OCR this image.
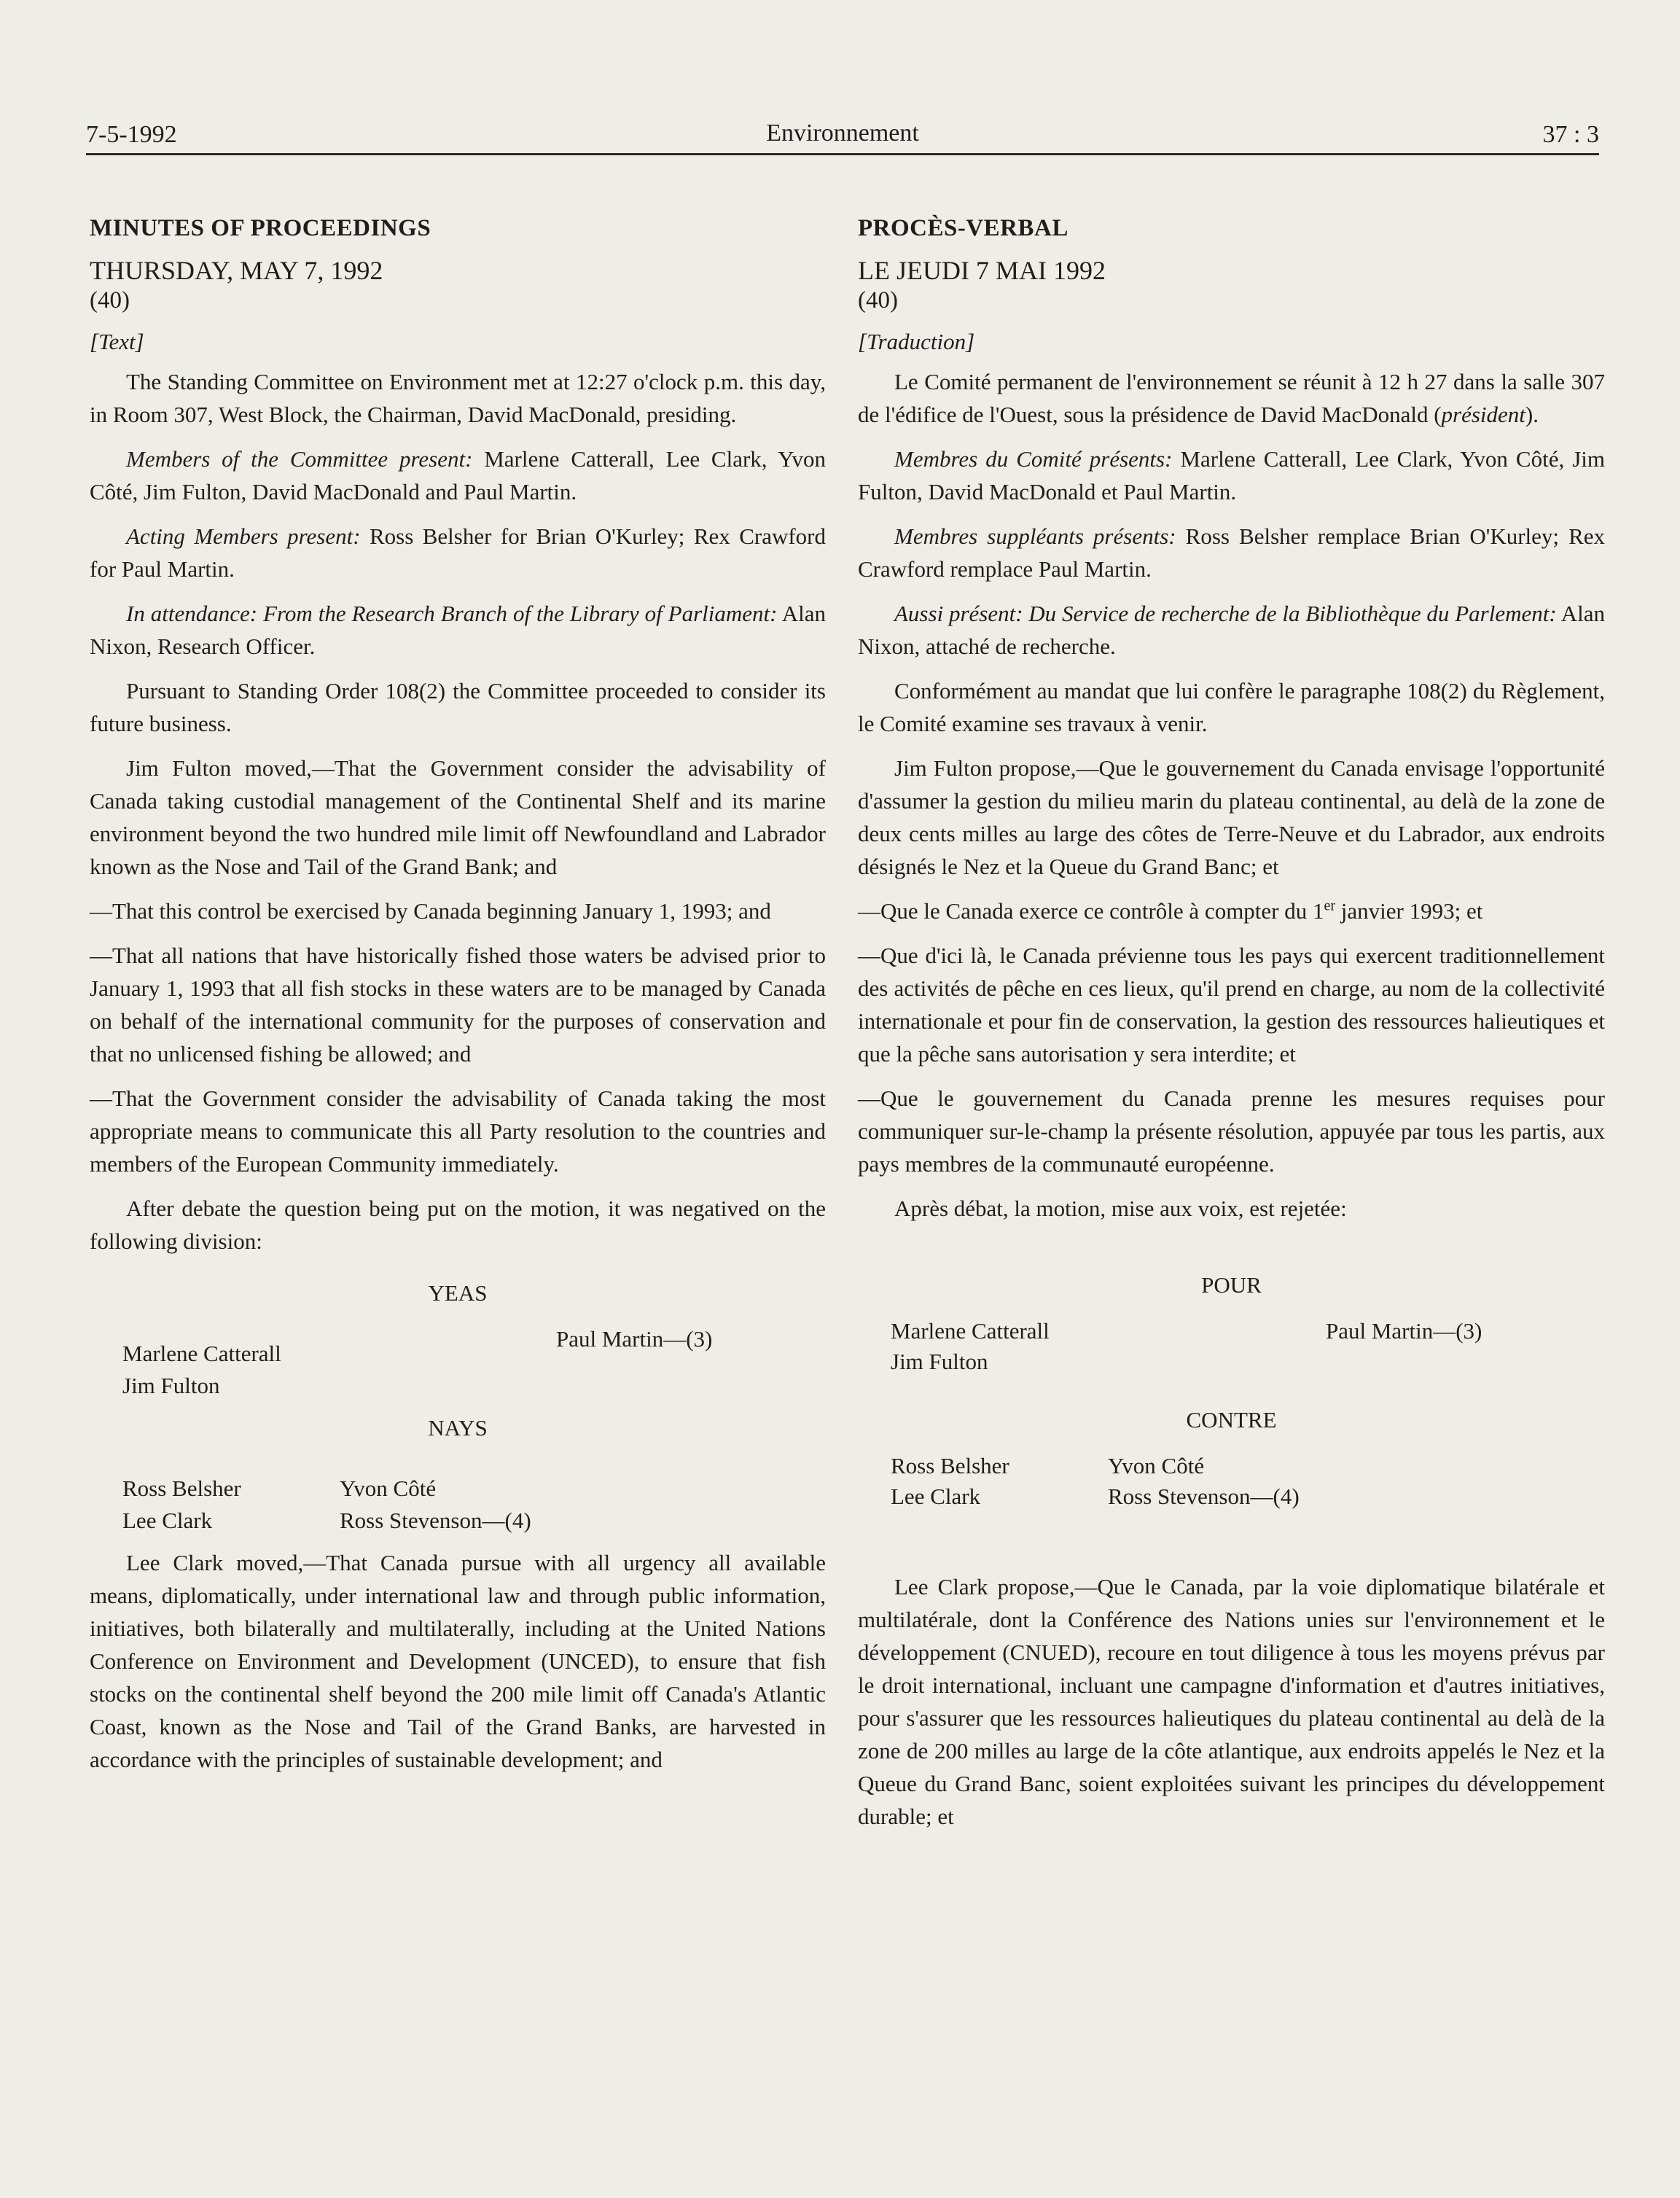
7-5-1992	Environnement	37 : 3
MINUTES OF PROCEEDINGS
THURSDAY, MAY 7, 1992
(40)
[Text]

The Standing Committee on Environment met at 12:27 o'clock p.m. this day, in Room 307, West Block, the Chairman, David MacDonald, presiding.

Members of the Committee present: Marlene Catterall, Lee Clark, Yvon Côté, Jim Fulton, David MacDonald and Paul Martin.

Acting Members present: Ross Belsher for Brian O'Kurley; Rex Crawford for Paul Martin.

In attendance: From the Research Branch of the Library of Parliament: Alan Nixon, Research Officer.

Pursuant to Standing Order 108(2) the Committee proceeded to consider its future business.

Jim Fulton moved,—That the Government consider the advisability of Canada taking custodial management of the Continental Shelf and its marine environment beyond the two hundred mile limit off Newfoundland and Labrador known as the Nose and Tail of the Grand Bank; and

—That this control be exercised by Canada beginning January 1, 1993; and

—That all nations that have historically fished those waters be advised prior to January 1, 1993 that all fish stocks in these waters are to be managed by Canada on behalf of the international community for the purposes of conservation and that no unlicensed fishing be allowed; and

—That the Government consider the advisability of Canada taking the most appropriate means to communicate this all Party resolution to the countries and members of the European Community immediately.

After debate the question being put on the motion, it was negatived on the following division:

YEAS
Marlene Catterall
Jim Fulton
Paul Martin—(3)
NAYS
Ross Belsher
Lee Clark
Yvon Côté
Ross Stevenson—(4)

Lee Clark moved,—That Canada pursue with all urgency all available means, diplomatically, under international law and through public information, initiatives, both bilaterally and multilaterally, including at the United Nations Conference on Environment and Development (UNCED), to ensure that fish stocks on the continental shelf beyond the 200 mile limit off Canada's Atlantic Coast, known as the Nose and Tail of the Grand Banks, are harvested in accordance with the principles of sustainable development; and

PROCÈS-VERBAL
LE JEUDI 7 MAI 1992
(40)
[Traduction]

Le Comité permanent de l'environnement se réunit à 12 h 27 dans la salle 307 de l'édifice de l'Ouest, sous la présidence de David MacDonald (président).

Membres du Comité présents: Marlene Catterall, Lee Clark, Yvon Côté, Jim Fulton, David MacDonald et Paul Martin.

Membres suppléants présents: Ross Belsher remplace Brian O'Kurley; Rex Crawford remplace Paul Martin.

Aussi présent: Du Service de recherche de la Bibliothèque du Parlement: Alan Nixon, attaché de recherche.

Conformément au mandat que lui confère le paragraphe 108(2) du Règlement, le Comité examine ses travaux à venir.

Jim Fulton propose,—Que le gouvernement du Canada envisage l'opportunité d'assumer la gestion du milieu marin du plateau continental, au delà de la zone de deux cents milles au large des côtes de Terre-Neuve et du Labrador, aux endroits désignés le Nez et la Queue du Grand Banc; et

—Que le Canada exerce ce contrôle à compter du 1er janvier 1993; et

—Que d'ici là, le Canada prévienne tous les pays qui exercent traditionnellement des activités de pêche en ces lieux, qu'il prend en charge, au nom de la collectivité internationale et pour fin de conservation, la gestion des ressources halieutiques et que la pêche sans autorisation y sera interdite; et

—Que le gouvernement du Canada prenne les mesures requises pour communiquer sur-le-champ la présente résolution, appuyée par tous les partis, aux pays membres de la communauté européenne.

Après débat, la motion, mise aux voix, est rejetée:

POUR
Marlene Catterall
Jim Fulton
Paul Martin—(3)
CONTRE
Ross Belsher
Lee Clark
Yvon Côté
Ross Stevenson—(4)

Lee Clark propose,—Que le Canada, par la voie diplomatique bilatérale et multilatérale, dont la Conférence des Nations unies sur l'environnement et le développement (CNUED), recoure en tout diligence à tous les moyens prévus par le droit international, incluant une campagne d'information et d'autres initiatives, pour s'assurer que les ressources halieutiques du plateau continental au delà de la zone de 200 milles au large de la côte atlantique, aux endroits appelés le Nez et la Queue du Grand Banc, soient exploitées suivant les principes du développement durable; et
